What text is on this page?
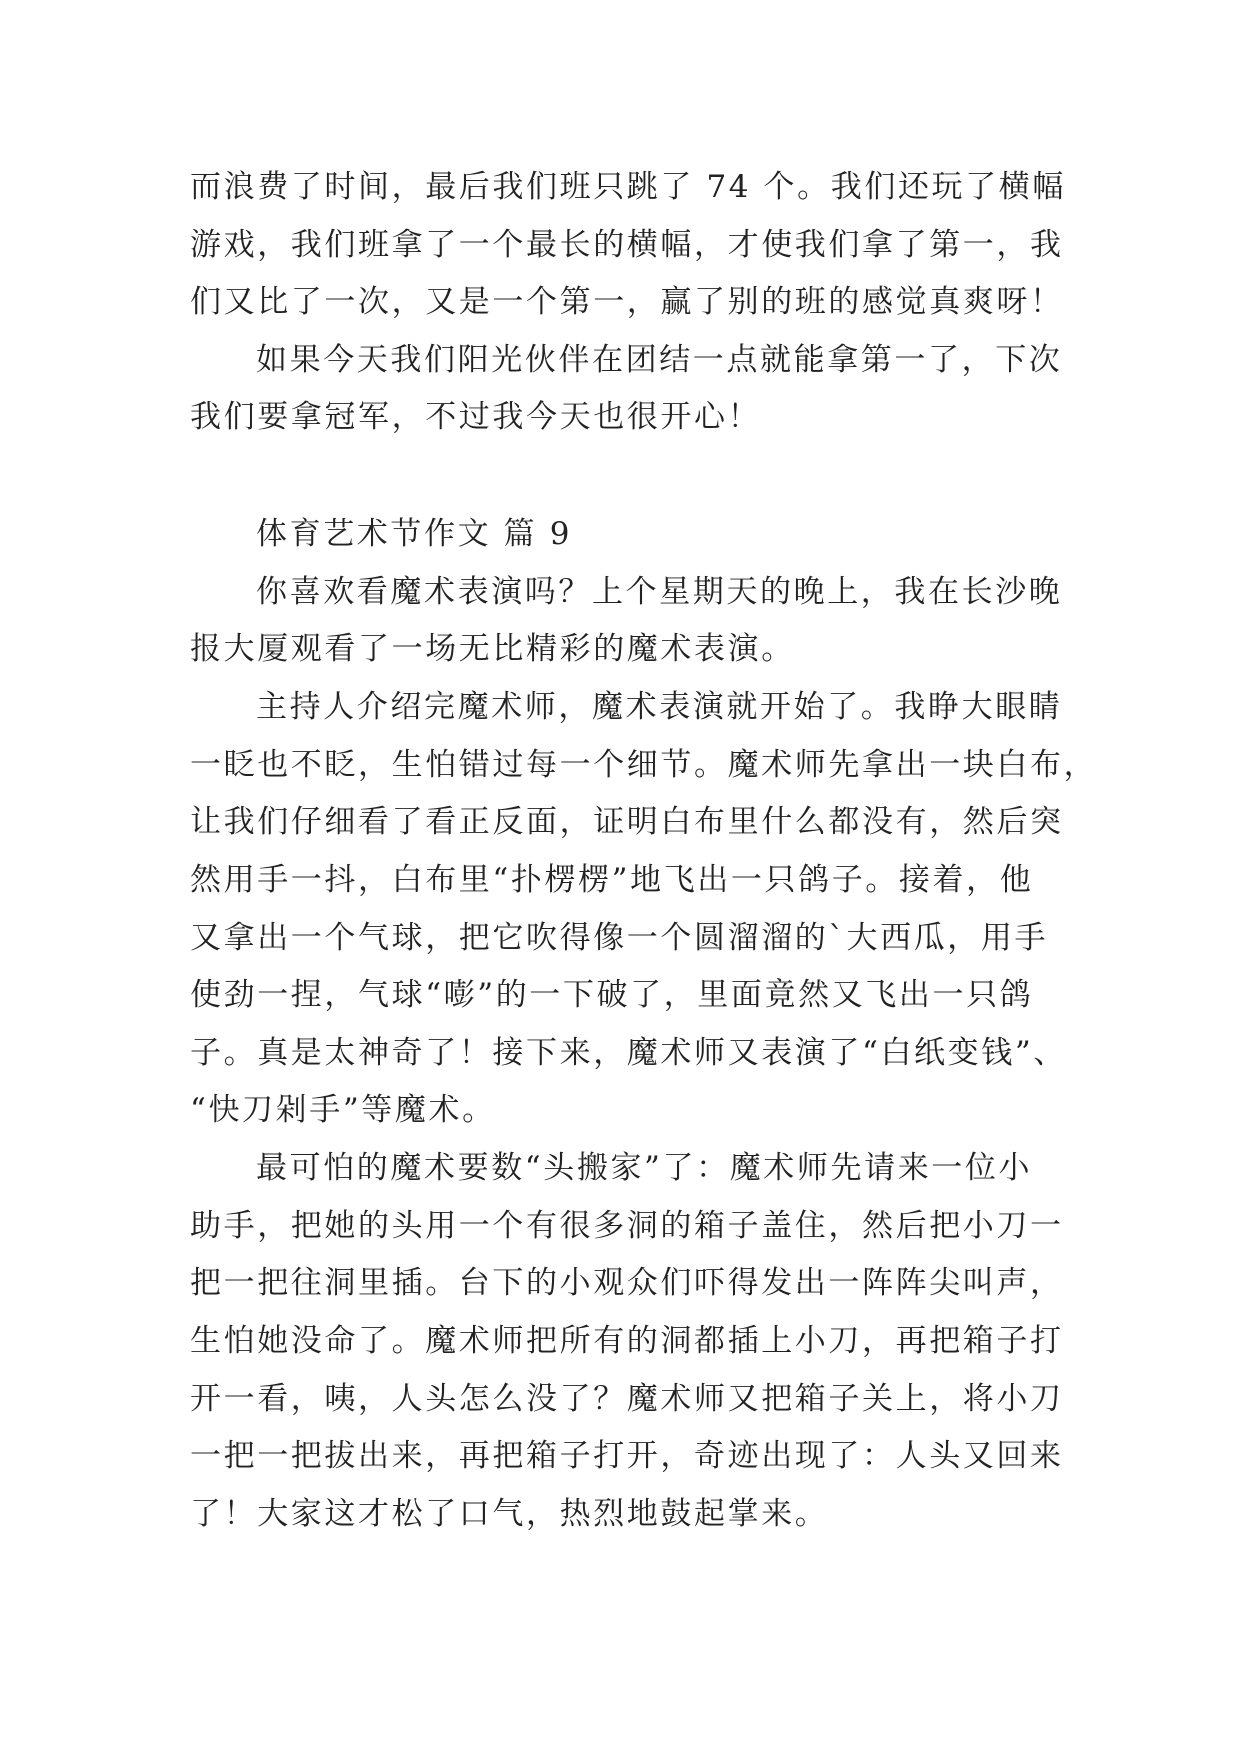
而浪费了时间，最后我们班只跳了 74 个。我们还玩了横幅
游戏，我们班拿了一个最长的横幅，才使我们拿了第一，我
们又比了一次，又是一个第一，赢了别的班的感觉真爽呀！
如果今天我们阳光伙伴在团结一点就能拿第一了，下次
我们要拿冠军，不过我今天也很开心！
体育艺术节作文 篇 9
你喜欢看魔术表演吗？上个星期天的晚上，我在长沙晚
报大厦观看了一场无比精彩的魔术表演。
主持人介绍完魔术师，魔术表演就开始了。我睁大眼睛
一眨也不眨，生怕错过每一个细节。魔术师先拿出一块白布，
让我们仔细看了看正反面，证明白布里什么都没有，然后突
然用手一抖，白布里“扑楞楞”地飞出一只鸽子。接着，他
又拿出一个气球，把它吹得像一个圆溜溜的`大西瓜，用手
使劲一捏，气球“嘭”的一下破了，里面竟然又飞出一只鸽
子。真是太神奇了！接下来，魔术师又表演了“白纸变钱”、
“快刀剁手”等魔术。
最可怕的魔术要数“头搬家”了：魔术师先请来一位小
助手，把她的头用一个有很多洞的箱子盖住，然后把小刀一
把一把往洞里插。台下的小观众们吓得发出一阵阵尖叫声，
生怕她没命了。魔术师把所有的洞都插上小刀，再把箱子打
开一看，咦，人头怎么没了？魔术师又把箱子关上，将小刀
一把一把拔出来，再把箱子打开，奇迹出现了：人头又回来
了！大家这才松了口气，热烈地鼓起掌来。
